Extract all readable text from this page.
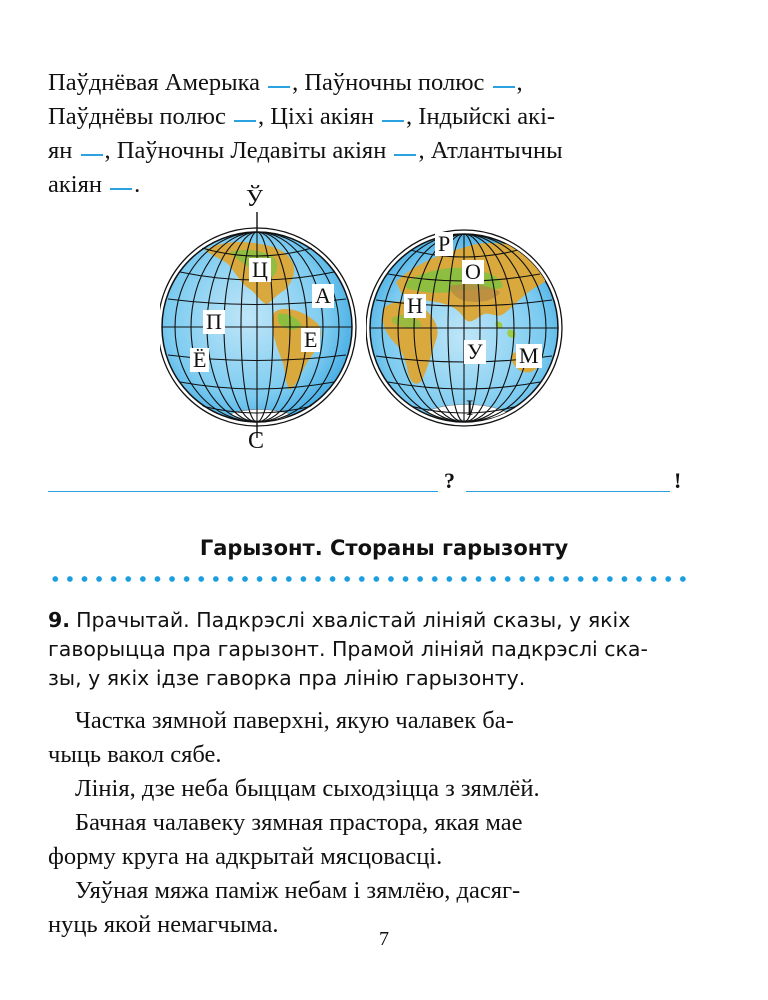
Паўднёвая Амерыка , Паўночны полюс ,
Паўднёвы полюс , Ціхі акіян , Індыйскі акі-
ян , Паўночны Ледавіты акіян , Атлантычны
акіян .
Ў
С
Ц
А
П
Е
Ё
Р
О
Н
У М
І
?	!
Гарызонт. Стораны гарызонту
9. Прачытай. Падкрэслі хвалістай лініяй сказы, у якіх
гаворыцца пра гарызонт. Прамой лініяй падкрэслі ска-
зы, у якіх ідзе гаворка пра лінію гарызонту.
Частка зямной паверхні, якую чалавек ба-
чыць вакол сябе.
Лінія, дзе неба быццам сыходзіцца з зямлёй.
Бачная чалавеку зямная прастора, якая мае
форму круга на адкрытай мясцовасці.
Уяўная мяжа паміж небам і зямлёю, дасяг-
нуць якой немагчыма.
7
